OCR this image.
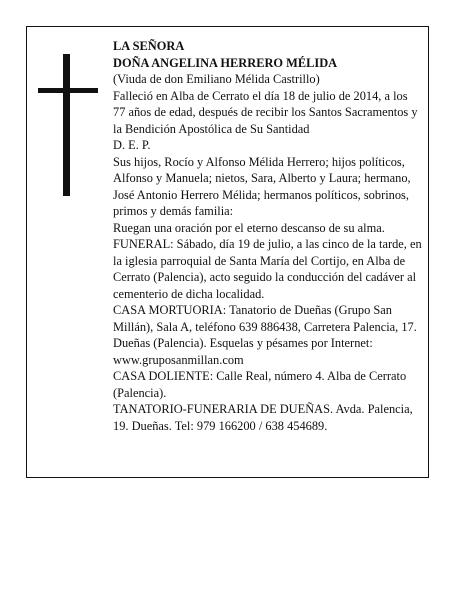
LA SEÑORA

DOÑA ANGELINA HERRERO MÉLIDA

(Viuda de don Emiliano Mélida Castrillo)

Falleció en Alba de Cerrato el día 18 de julio de 2014, a los 77 años de edad, después de recibir los Santos Sacramentos y la Bendición Apostólica de Su Santidad

D. E. P.

Sus hijos, Rocío y Alfonso Mélida Herrero; hijos políticos, Alfonso y Manuela; nietos, Sara, Alberto y Laura; hermano, José Antonio Herrero Mélida; hermanos políticos, sobrinos, primos y demás familia:

Ruegan una oración por el eterno descanso de su alma.

FUNERAL: Sábado, día 19 de julio, a las cinco de la tarde, en la iglesia parroquial de Santa María del Cortijo, en Alba de Cerrato (Palencia), acto seguido la conducción del cadáver al cementerio de dicha localidad.

CASA MORTUORIA: Tanatorio de Dueñas (Grupo San Millán), Sala A, teléfono 639 886438, Carretera Palencia, 17. Dueñas (Palencia). Esquelas y pésames por Internet: www.gruposanmillan.com

CASA DOLIENTE: Calle Real, número 4. Alba de Cerrato (Palencia).

TANATORIO-FUNERARIA DE DUEÑAS. Avda. Palencia, 19. Dueñas. Tel: 979 166200 / 638 454689.
